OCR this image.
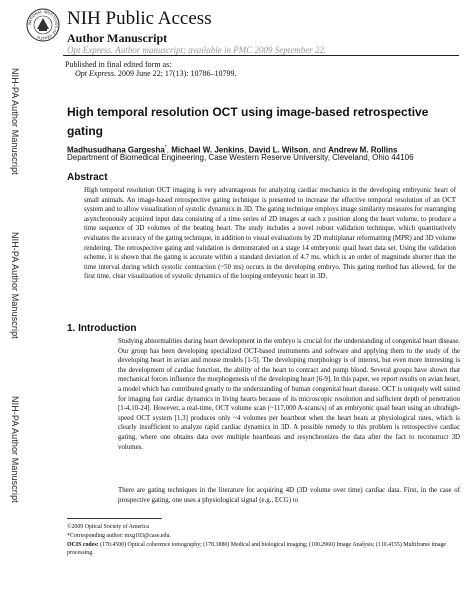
NIH-PA Author Manuscript
NIH-PA Author Manuscript
NIH-PA Author Manuscript
NATIONAL INSTITUTES OF HEALTH
NIH Public Access
Author Manuscript
Opt Express. Author manuscript; available in PMC 2009 September 22.
Published in final edited form as:
Opt Express. 2009 June 22; 17(13): 10786–10799.
High temporal resolution OCT using image-based retrospective gating
Madhusudhana Gargesha*, Michael W. Jenkins, David L. Wilson, and Andrew M. Rollins
Department of Biomedical Engineering, Case Western Reserve University, Cleveland, Ohio 44106
Abstract
High temporal resolution OCT imaging is very advantageous for analyzing cardiac mechanics in the developing embryonic heart of small animals. An image-based retrospective gating technique is presented to increase the effective temporal resolution of an OCT system and to allow visualization of systolic dynamics in 3D. The gating technique employs image similarity measures for rearranging asynchronously acquired input data consisting of a time series of 2D images at each z position along the heart volume, to produce a time sequence of 3D volumes of the beating heart. The study includes a novel robust validation technique, which quantitatively evaluates the accuracy of the gating technique, in addition to visual evaluations by 2D multiplanar reformatting (MPR) and 3D volume rendering. The retrospective gating and validation is demonstrated on a stage 14 embryonic quail heart data set. Using the validation scheme, it is shown that the gating is accurate within a standard deviation of 4.7 ms, which is an order of magnitude shorter than the time interval during which systolic contraction (~50 ms) occurs in the developing embryo. This gating method has allowed, for the first time, clear visualization of systolic dynamics of the looping embryonic heart in 3D.
1. Introduction
Studying abnormalities during heart development in the embryo is crucial for the understanding of congenital heart disease. Our group has been developing specialized OCT-based instruments and software and applying them to the study of the developing heart in avian and mouse models [1-5]. The developing morphology is of interest, but even more interesting is the development of cardiac function, the ability of the heart to contract and pump blood. Several groups have shown that mechanical forces influence the morphogenesis of the developing heart [6-9]. In this paper, we report results on avian heart, a model which has contributed greatly to the understanding of human congenital heart disease. OCT is uniquely well suited for imaging fast cardiac dynamics in living hearts because of its microscopic resolution and sufficient depth of penetration [1-4,10-24]. However, a real-time, OCT volume scan (~117,000 A-scans/s) of an embryonic quail heart using an ultrahigh-speed OCT system [1,3] produces only ~4 volumes per heartbeat when the heart beats at physiological rates, which is clearly insufficient to analyze rapid cardiac dynamics in 3D. A possible remedy to this problem is retrospective cardiac gating, where one obtains data over multiple heartbeats and resynchronizes the data after the fact to reconstruct 3D volumes.
There are gating techniques in the literature for acquiring 4D (3D volume over time) cardiac data. First, in the case of prospective gating, one uses a physiological signal (e.g., ECG) to
©2009 Optical Society of America
*Corresponding author: mxg183@case.edu.
OCIS codes: (170.4500) Optical coherence tomography; (170.3880) Medical and biological imaging; (100.2960) Image Analysis; (110.4155) Multiframe image processing.
